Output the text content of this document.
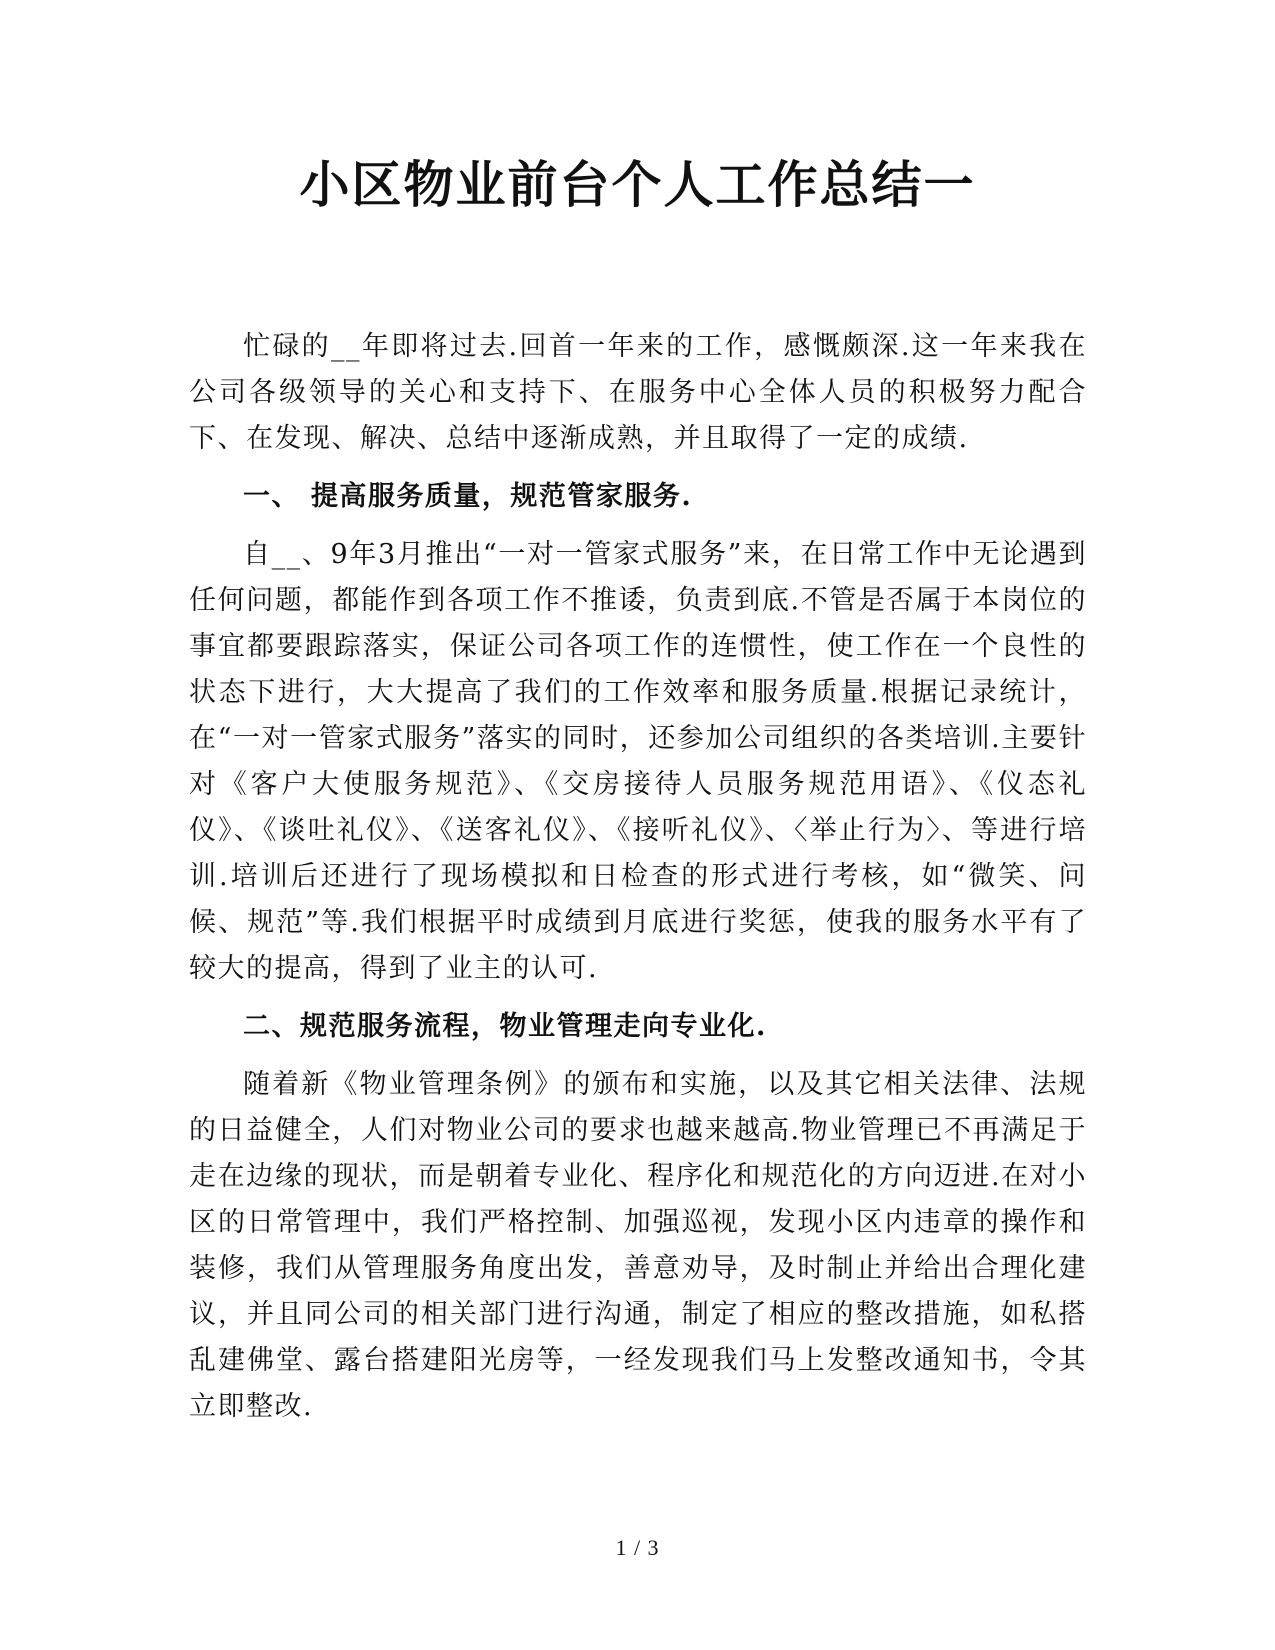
小区物业前台个人工作总结一

忙碌的__年即将过去.回首一年来的工作，感慨颇深.这一年来我在公司各级领导的关心和支持下、在服务中心全体人员的积极努力配合下、在发现、解决、总结中逐渐成熟，并且取得了一定的成绩.

一、 提高服务质量，规范管家服务.

自__、9年3月推出“一对一管家式服务”来，在日常工作中无论遇到任何问题，都能作到各项工作不推诿，负责到底.不管是否属于本岗位的事宜都要跟踪落实，保证公司各项工作的连惯性，使工作在一个良性的状态下进行，大大提高了我们的工作效率和服务质量.根据记录统计，在“一对一管家式服务”落实的同时，还参加公司组织的各类培训.主要针对《客户大使服务规范》、《交房接待人员服务规范用语》、《仪态礼仪》、《谈吐礼仪》、《送客礼仪》、《接听礼仪》、〈举止行为〉、等进行培训.培训后还进行了现场模拟和日检查的形式进行考核，如“微笑、问候、规范”等.我们根据平时成绩到月底进行奖惩，使我的服务水平有了较大的提高，得到了业主的认可.

二、规范服务流程，物业管理走向专业化.

随着新《物业管理条例》的颁布和实施，以及其它相关法律、法规的日益健全，人们对物业公司的要求也越来越高.物业管理已不再满足于走在边缘的现状，而是朝着专业化、程序化和规范化的方向迈进.在对小区的日常管理中，我们严格控制、加强巡视，发现小区内违章的操作和装修，我们从管理服务角度出发，善意劝导，及时制止并给出合理化建议，并且同公司的相关部门进行沟通，制定了相应的整改措施，如私搭乱建佛堂、露台搭建阳光房等，一经发现我们马上发整改通知书，令其立即整改.

1 / 3
